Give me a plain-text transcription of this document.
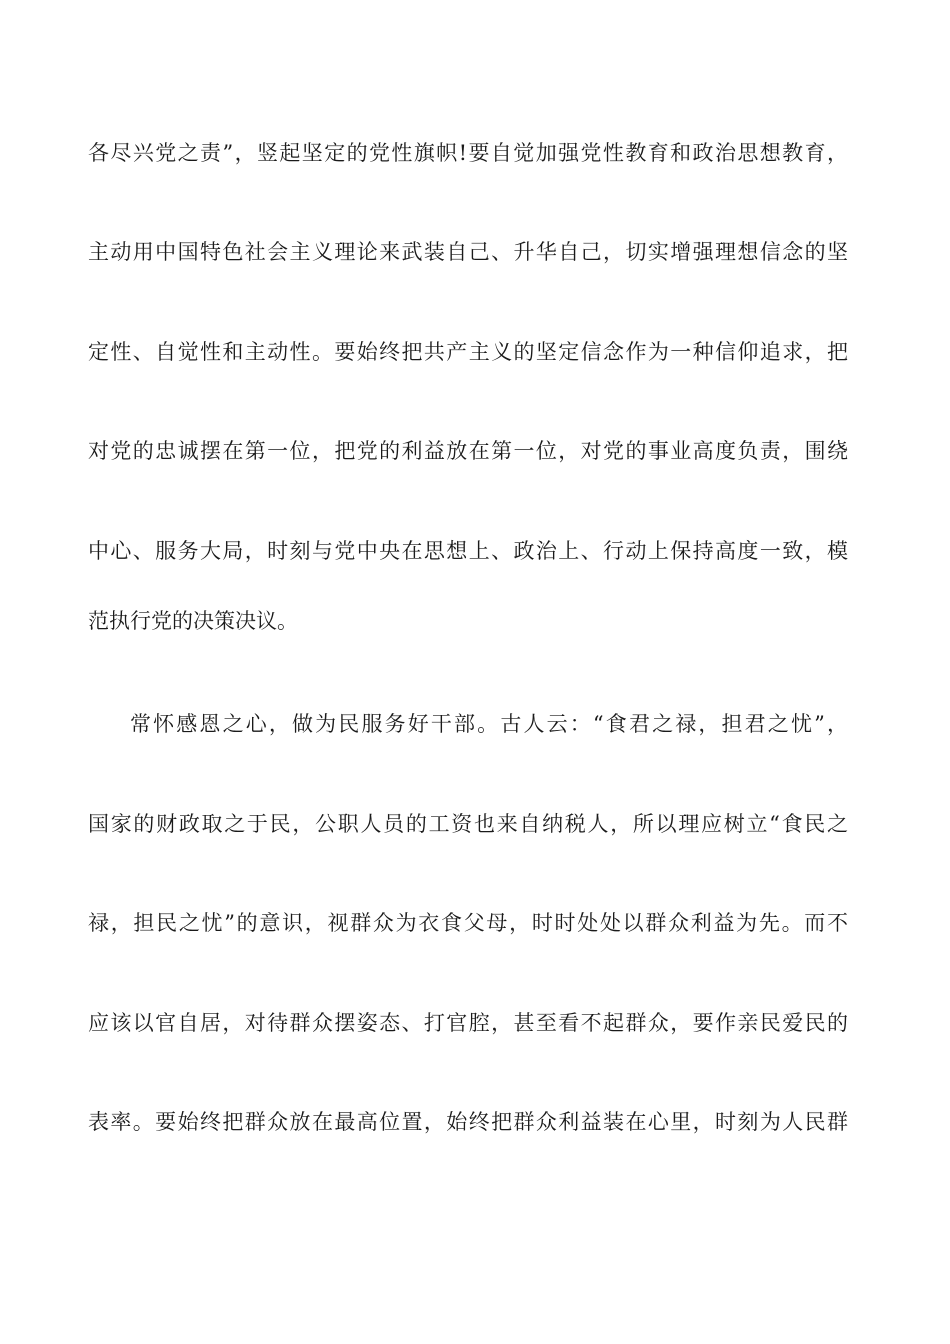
各尽兴党之责”，竖起坚定的党性旗帜!要自觉加强党性教育和政治思想教育，
主动用中国特色社会主义理论来武装自己、升华自己，切实增强理想信念的坚
定性、自觉性和主动性。要始终把共产主义的坚定信念作为一种信仰追求，把
对党的忠诚摆在第一位，把党的利益放在第一位，对党的事业高度负责，围绕
中心、服务大局，时刻与党中央在思想上、政治上、行动上保持高度一致，模
范执行党的决策决议。
常怀感恩之心，做为民服务好干部。古人云：“食君之禄，担君之忧”，
国家的财政取之于民，公职人员的工资也来自纳税人，所以理应树立“食民之
禄，担民之忧”的意识，视群众为衣食父母，时时处处以群众利益为先。而不
应该以官自居，对待群众摆姿态、打官腔，甚至看不起群众，要作亲民爱民的
表率。要始终把群众放在最高位置，始终把群众利益装在心里，时刻为人民群
